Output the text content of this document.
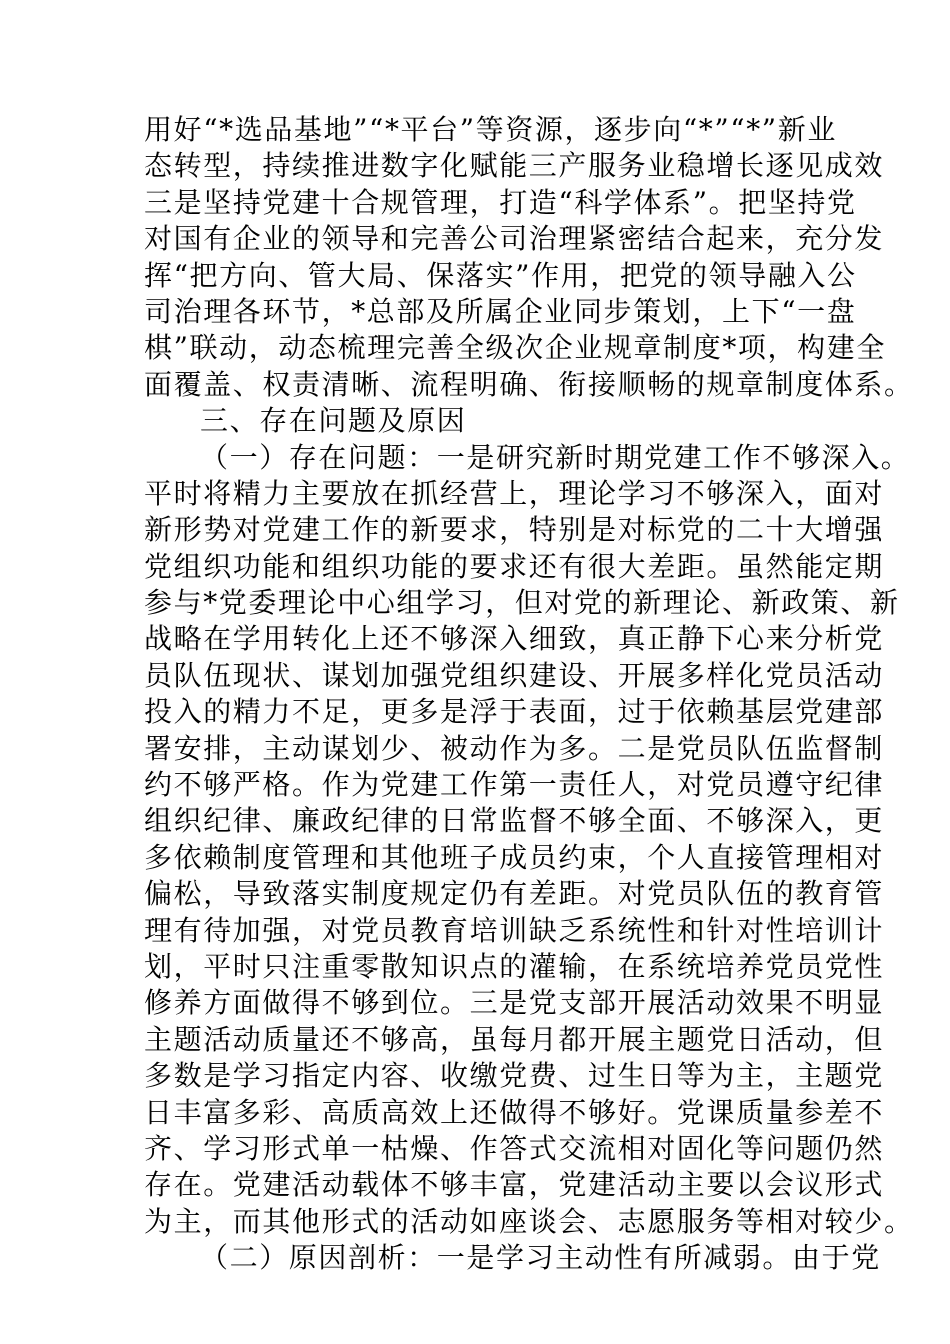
用好“*选品基地”“*平台”等资源，逐步向“*”“*”新业
态转型，持续推进数字化赋能三产服务业稳增长逐见成效
三是坚持党建十合规管理，打造“科学体系”。把坚持党
对国有企业的领导和完善公司治理紧密结合起来，充分发
挥“把方向、管大局、保落实”作用，把党的领导融入公
司治理各环节，*总部及所属企业同步策划，上下“一盘
棋”联动，动态梳理完善全级次企业规章制度*项，构建全
面覆盖、权责清晰、流程明确、衔接顺畅的规章制度体系。
三、存在问题及原因
（一）存在问题：一是研究新时期党建工作不够深入。
平时将精力主要放在抓经营上，理论学习不够深入，面对
新形势对党建工作的新要求，特别是对标党的二十大增强
党组织功能和组织功能的要求还有很大差距。虽然能定期
参与*党委理论中心组学习，但对党的新理论、新政策、新
战略在学用转化上还不够深入细致，真正静下心来分析党
员队伍现状、谋划加强党组织建设、开展多样化党员活动
投入的精力不足，更多是浮于表面，过于依赖基层党建部
署安排，主动谋划少、被动作为多。二是党员队伍监督制
约不够严格。作为党建工作第一责任人，对党员遵守纪律
组织纪律、廉政纪律的日常监督不够全面、不够深入，更
多依赖制度管理和其他班子成员约束，个人直接管理相对
偏松，导致落实制度规定仍有差距。对党员队伍的教育管
理有待加强，对党员教育培训缺乏系统性和针对性培训计
划，平时只注重零散知识点的灌输，在系统培养党员党性
修养方面做得不够到位。三是党支部开展活动效果不明显
主题活动质量还不够高，虽每月都开展主题党日活动，但
多数是学习指定内容、收缴党费、过生日等为主，主题党
日丰富多彩、高质高效上还做得不够好。党课质量参差不
齐、学习形式单一枯燥、作答式交流相对固化等问题仍然
存在。党建活动载体不够丰富，党建活动主要以会议形式
为主，而其他形式的活动如座谈会、志愿服务等相对较少。
（二）原因剖析：一是学习主动性有所减弱。由于党
